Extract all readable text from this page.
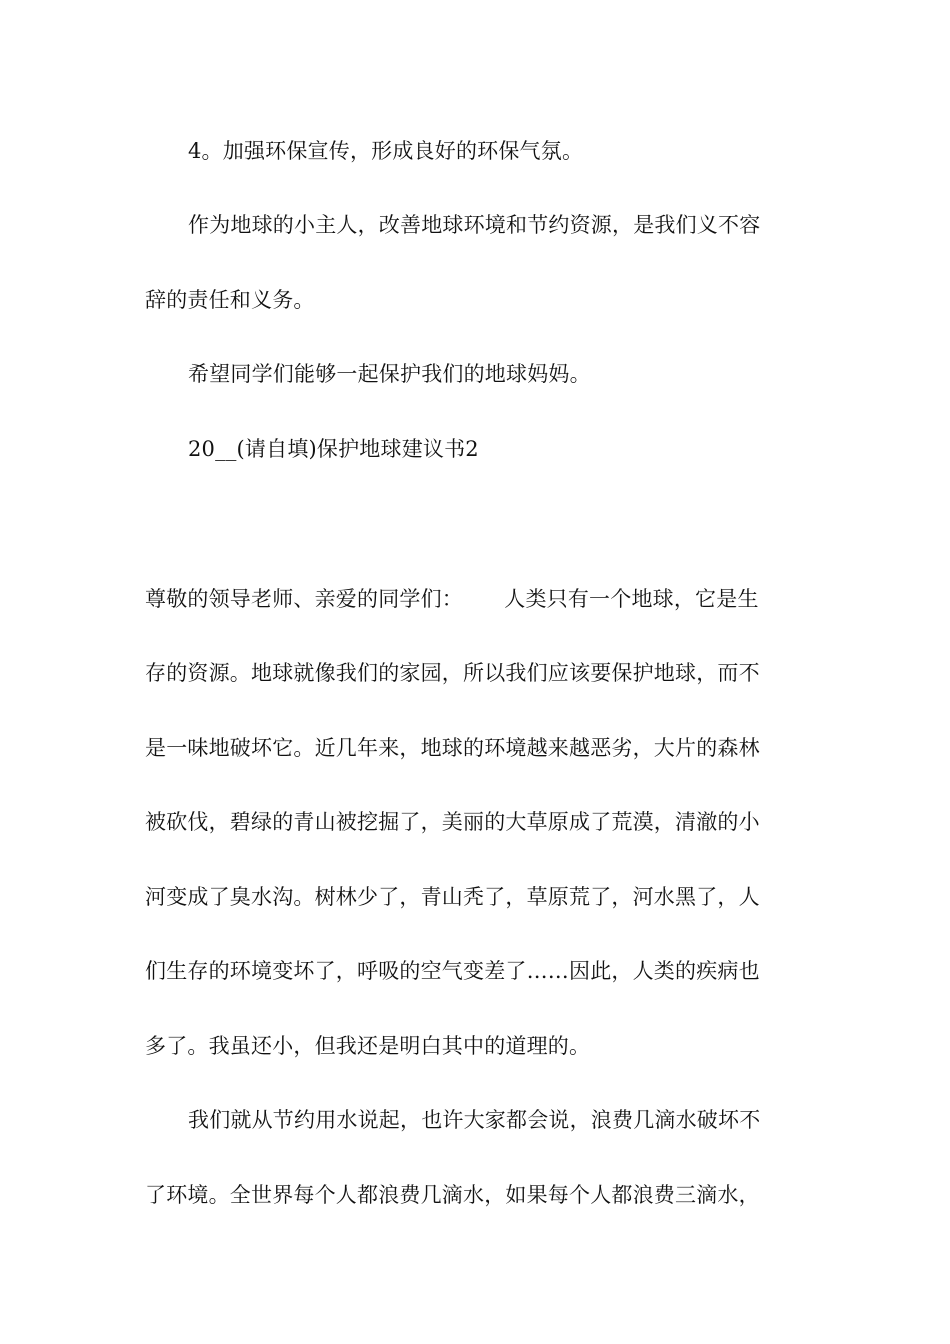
4。加强环保宣传，形成良好的环保气氛。
作为地球的小主人，改善地球环境和节约资源，是我们义不容
辞的责任和义务。
希望同学们能够一起保护我们的地球妈妈。
20__(请自填)保护地球建议书2
尊敬的领导老师、亲爱的同学们：      人类只有一个地球，它是生
存的资源。地球就像我们的家园，所以我们应该要保护地球，而不
是一味地破坏它。近几年来，地球的环境越来越恶劣，大片的森林
被砍伐，碧绿的青山被挖掘了，美丽的大草原成了荒漠，清澈的小
河变成了臭水沟。树林少了，青山秃了，草原荒了，河水黑了，人
们生存的环境变坏了，呼吸的空气变差了……因此，人类的疾病也
多了。我虽还小，但我还是明白其中的道理的。
我们就从节约用水说起，也许大家都会说，浪费几滴水破坏不
了环境。全世界每个人都浪费几滴水，如果每个人都浪费三滴水，
